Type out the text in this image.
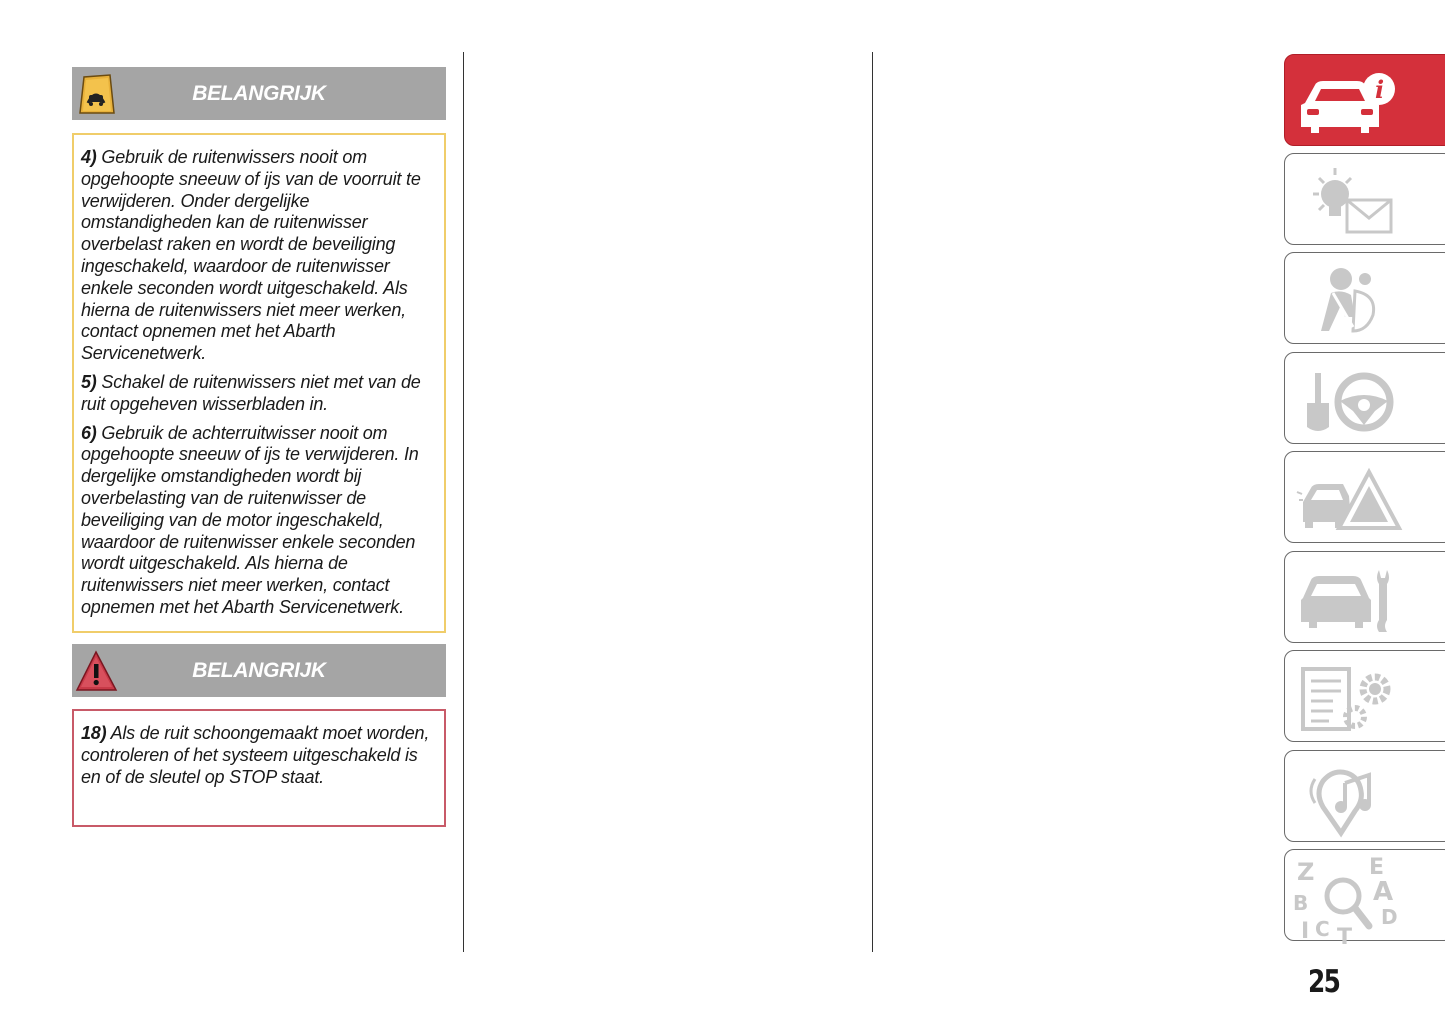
BELANGRIJK

4) Gebruik de ruitenwissers nooit om opgehoopte sneeuw of ijs van de voorruit te verwijderen. Onder dergelijke omstandigheden kan de ruitenwisser overbelast raken en wordt de beveiliging ingeschakeld, waardoor de ruitenwisser enkele seconden wordt uitgeschakeld. Als hierna de ruitenwissers niet meer werken, contact opnemen met het Abarth Servicenetwerk.

5) Schakel de ruitenwissers niet met van de ruit opgeheven wisserbladen in.

6) Gebruik de achterruitwisser nooit om opgehoopte sneeuw of ijs te verwijderen. In dergelijke omstandigheden wordt bij overbelasting van de ruitenwisser de beveiliging van de motor ingeschakeld, waardoor de ruitenwisser enkele seconden wordt uitgeschakeld. Als hierna de ruitenwissers niet meer werken, contact opnemen met het Abarth Servicenetwerk.

BELANGRIJK

18) Als de ruit schoongemaakt moet worden, controleren of het systeem uitgeschakeld is en of de sleutel op STOP staat.

i
Z E
A
B
D
I C T
25
